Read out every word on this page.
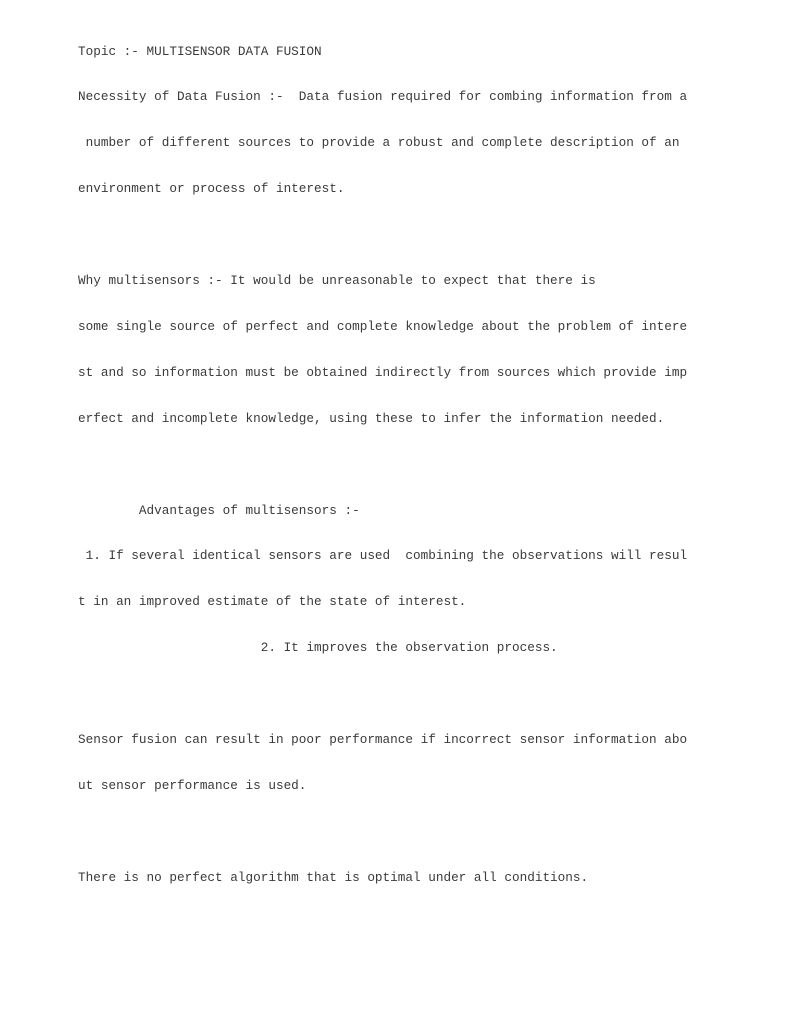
Topic :- MULTISENSOR DATA FUSION

Necessity of Data Fusion :-  Data fusion required for combing information from a

number of different sources to provide a robust and complete description of an

environment or process of interest.

Why multisensors :- It would be unreasonable to expect that there is

some single source of perfect and complete knowledge about the problem of intere

st and so information must be obtained indirectly from sources which provide imp

erfect and incomplete knowledge, using these to infer the information needed.

Advantages of multisensors :-

1. If several identical sensors are used  combining the observations will resul

t in an improved estimate of the state of interest.

2. It improves the observation process.

Sensor fusion can result in poor performance if incorrect sensor information abo

ut sensor performance is used.

There is no perfect algorithm that is optimal under all conditions.
